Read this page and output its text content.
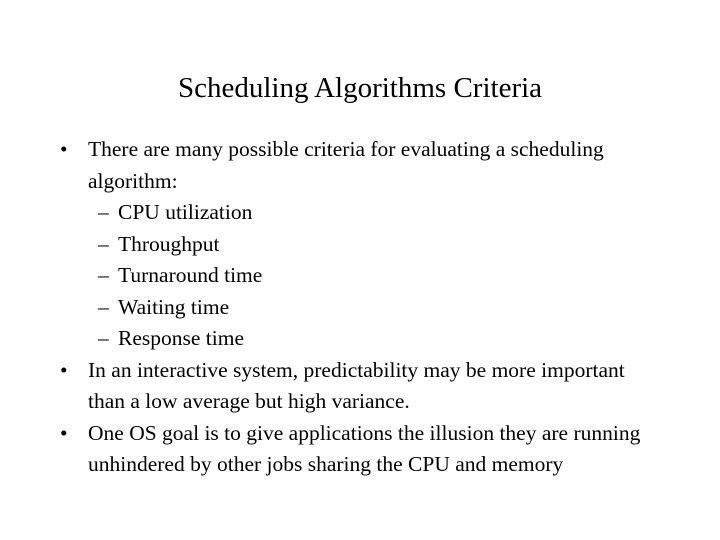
Scheduling Algorithms Criteria
• There are many possible criteria for evaluating a scheduling algorithm:
– CPU utilization
– Throughput
– Turnaround time
– Waiting time
– Response time
• In an interactive system, predictability may be more important than a low average but high variance.
• One OS goal is to give applications the illusion they are running unhindered by other jobs sharing the CPU and memory
